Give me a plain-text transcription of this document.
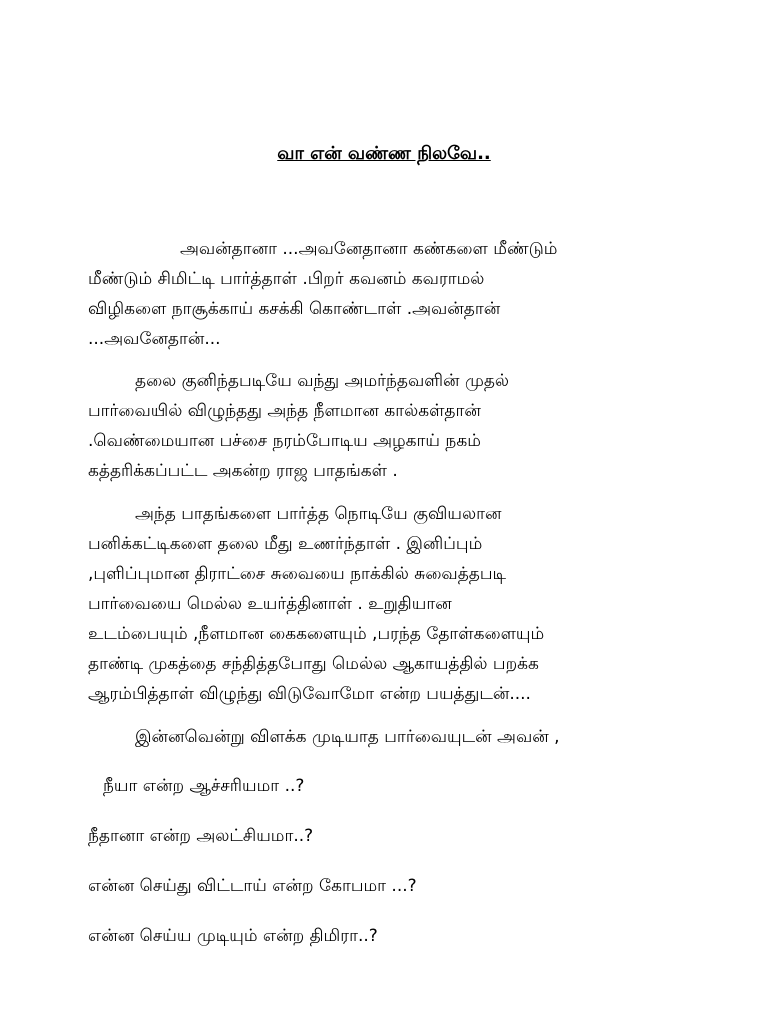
வா என் வண்ண நிலவே..
அவன்தானா ...அவனேதானா கண்களை மீண்டும்
மீண்டும் சிமிட்டி பார்த்தாள் .பிறர் கவனம் கவராமல்
விழிகளை நாசூக்காய் கசக்கி கொண்டாள் .அவன்தான்
...அவனேதான்...
தலை குனிந்தபடியே வந்து அமர்ந்தவளின் முதல்
பார்வையில் விழுந்தது அந்த நீளமான கால்கள்தான்
.வெண்மையான பச்சை நரம்போடிய அழகாய் நகம்
கத்தரிக்கப்பட்ட அகன்ற ராஜ பாதங்கள் .
அந்த பாதங்களை பார்த்த நொடியே குவியலான
பனிக்கட்டிகளை தலை மீது உணர்ந்தாள் . இனிப்பும்
,புளிப்புமான திராட்சை சுவையை நாக்கில் சுவைத்தபடி
பார்வையை மெல்ல உயர்த்தினாள் . உறுதியான
உடம்பையும் ,நீளமான கைகளையும் ,பரந்த தோள்களையும்
தாண்டி முகத்தை சந்தித்தபோது மெல்ல ஆகாயத்தில் பறக்க
ஆரம்பித்தாள் விழுந்து விடுவோமோ என்ற பயத்துடன்....
இன்னவென்று விளக்க முடியாத பார்வையுடன் அவன் ,
நீயா என்ற ஆச்சரியமா ..?
நீதானா என்ற அலட்சியமா..?
என்ன செய்து விட்டாய் என்ற கோபமா ...?
என்ன செய்ய முடியும் என்ற திமிரா..?
